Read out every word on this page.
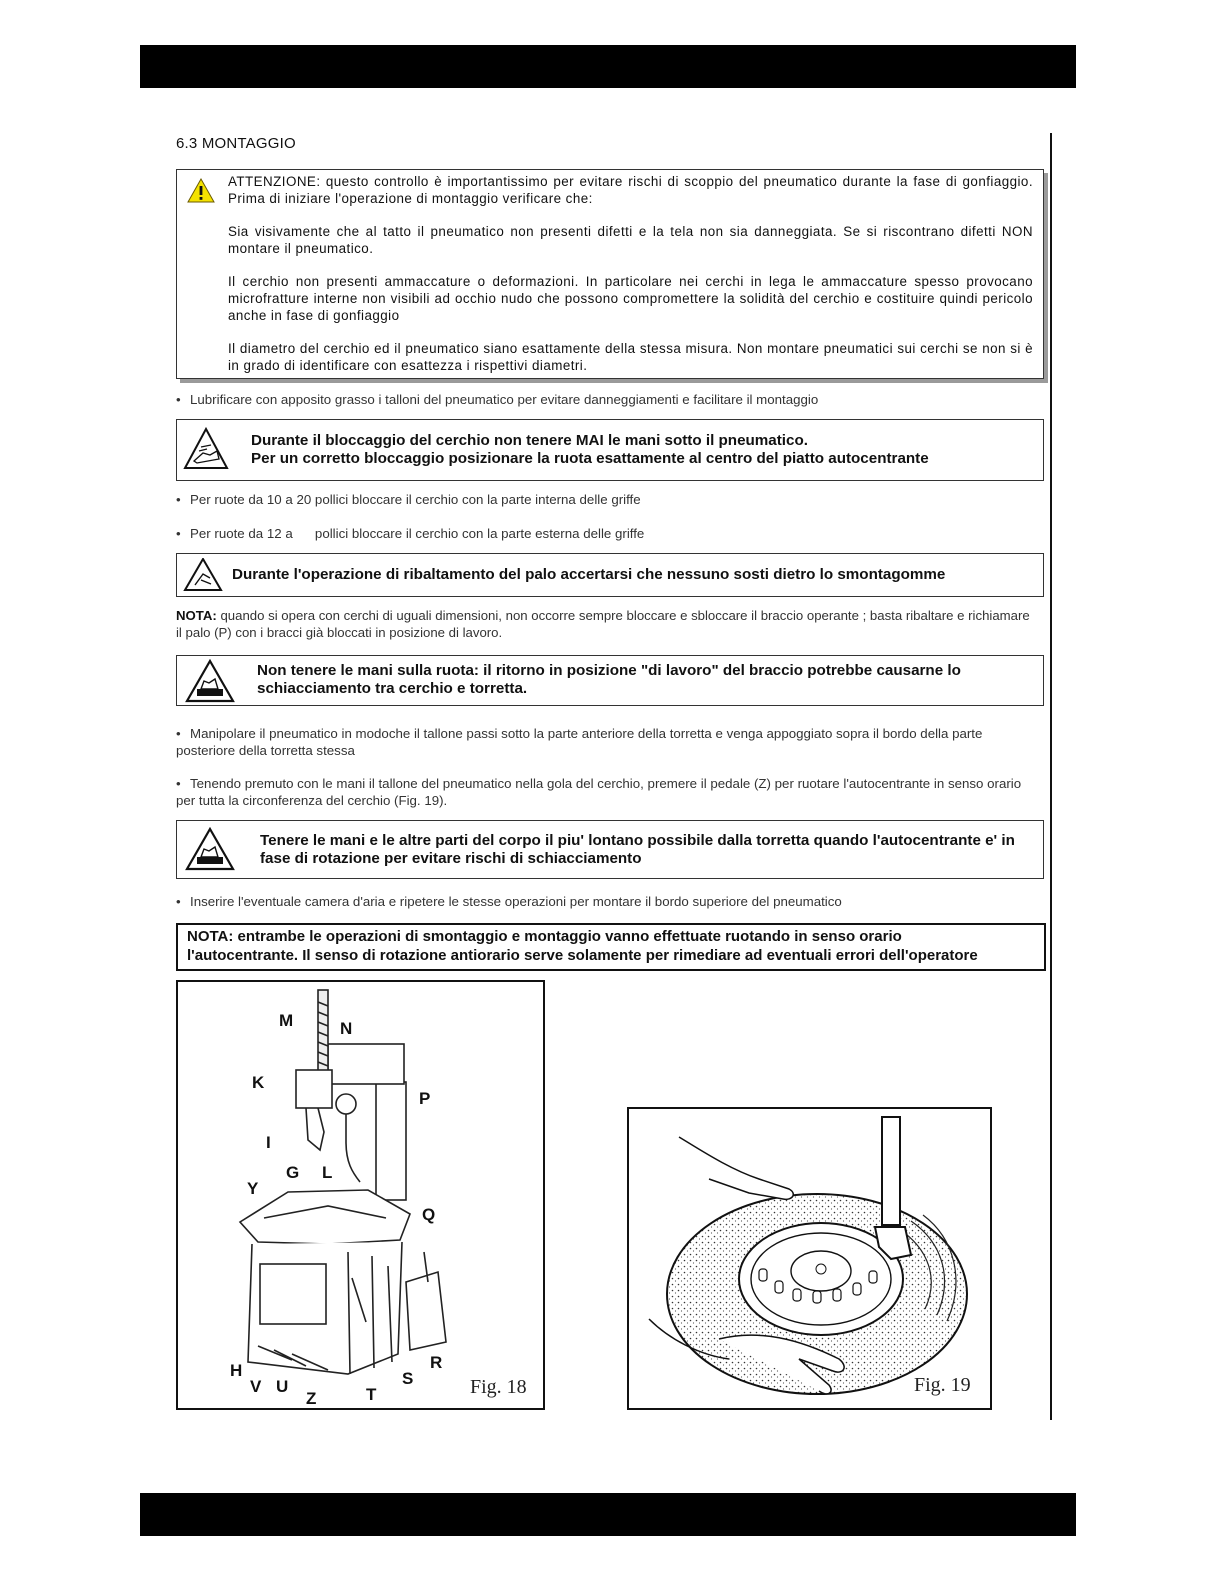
6.3 MONTAGGIO

ATTENZIONE: questo controllo è importantissimo per evitare rischi di scoppio del pneumatico durante la fase di gonfiaggio. Prima di iniziare l'operazione di montaggio verificare che:

Sia visivamente che al tatto il pneumatico non presenti difetti e la tela non sia danneggiata. Se si riscontrano difetti NON montare il pneumatico.

Il cerchio non presenti ammaccature o deformazioni. In particolare nei cerchi in lega le ammaccature spesso provocano microfratture interne non visibili ad occhio nudo che possono compromettere la solidità del cerchio e costituire quindi pericolo anche in fase di gonfiaggio

Il diametro del cerchio ed il pneumatico siano esattamente della stessa misura. Non montare pneumatici sui cerchi se non si è in grado di identificare con esattezza i rispettivi diametri.

• Lubrificare con apposito grasso i talloni del pneumatico per evitare danneggiamenti e facilitare il montaggio
Durante il bloccaggio del cerchio non tenere MAI le mani sotto il pneumatico.
Per un corretto bloccaggio posizionare la ruota esattamente al centro del piatto autocentrante
• Per ruote da 10 a 20 pollici bloccare il cerchio con la parte interna delle griffe
• Per ruote da 12 a      pollici bloccare il cerchio con la parte esterna delle griffe
Durante l'operazione di ribaltamento del palo accertarsi che nessuno sosti dietro lo smontagomme
NOTA: quando si opera con cerchi di uguali dimensioni, non occorre sempre bloccare e sbloccare il braccio operante ; basta ribaltare e richiamare il palo (P) con i bracci già bloccati in posizione di lavoro.
Non tenere le mani sulla ruota: il ritorno in posizione "di lavoro" del braccio potrebbe causarne lo schiacciamento tra cerchio e torretta.
• Manipolare il pneumatico in modoche il tallone passi sotto la parte anteriore della torretta e venga appoggiato sopra il bordo della parte posteriore della torretta stessa
• Tenendo premuto con le mani il tallone del pneumatico nella gola del cerchio, premere il pedale (Z) per ruotare l'autocentrante in senso orario per tutta la circonferenza del cerchio (Fig. 19).
Tenere le mani e le altre parti del corpo il piu' lontano possibile dalla torretta quando l'autocentrante e' in fase di rotazione per evitare rischi di schiacciamento
• Inserire l'eventuale camera d'aria e ripetere le stesse operazioni per montare il bordo superiore del pneumatico
NOTA: entrambe le operazioni di smontaggio e montaggio vanno effettuate ruotando in senso orario
l'autocentrante. Il senso di rotazione antiorario serve solamente per rimediare ad eventuali errori dell'operatore
M	N
K
P
I
G L
Y
Q
H
V U
Z	T
S
R
Fig. 18	Fig. 19
